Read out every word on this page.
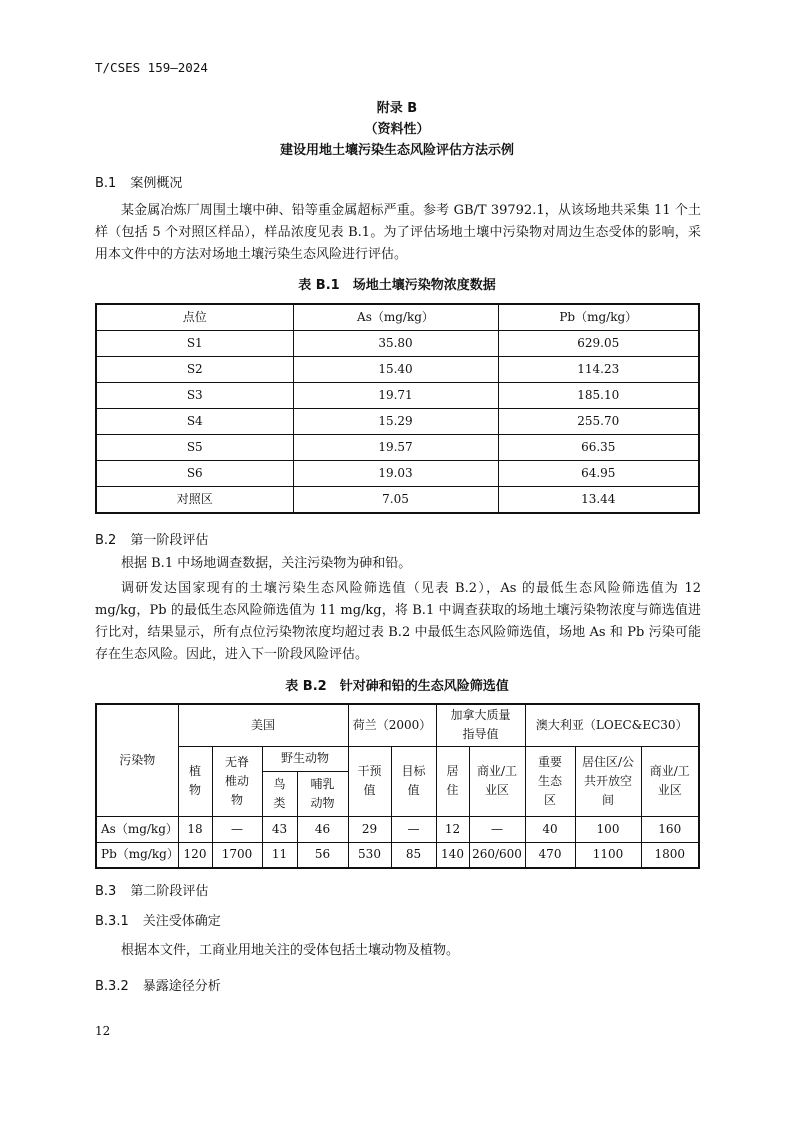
T/CSES 159—2024
附录 B
（资料性）
建设用地土壤污染生态风险评估方法示例
B.1 案例概况
某金属冶炼厂周围土壤中砷、铅等重金属超标严重。参考 GB/T 39792.1，从该场地共采集 11 个土样（包括 5 个对照区样品），样品浓度见表 B.1。为了评估场地土壤中污染物对周边生态受体的影响，采用本文件中的方法对场地土壤污染生态风险进行评估。
表 B.1　场地土壤污染物浓度数据
点位	As（mg/kg）	Pb（mg/kg）
S1	35.80	629.05
S2	15.40	114.23
S3	19.71	185.10
S4	15.29	255.70
S5	19.57	66.35
S6	19.03	64.95
对照区	7.05	13.44
B.2 第一阶段评估
根据 B.1 中场地调查数据，关注污染物为砷和铅。
调研发达国家现有的土壤污染生态风险筛选值（见表 B.2），As 的最低生态风险筛选值为 12 mg/kg，Pb 的最低生态风险筛选值为 11 mg/kg，将 B.1 中调查获取的场地土壤污染物浓度与筛选值进行比对，结果显示，所有点位污染物浓度均超过表 B.2 中最低生态风险筛选值，场地 As 和 Pb 污染可能存在生态风险。因此，进入下一阶段风险评估。
表 B.2　针对砷和铅的生态风险筛选值
污染物	美国				荷兰（2000）		加拿大质量指导值		澳大利亚（LOEC&EC30）		
	植物	无脊椎动物	野生动物		干预值	目标值	居住	商业/工业区	重要生态区	居住区/公共开放空间	商业/工业区
			鸟类	哺乳动物							
As（mg/kg）	18	—	43	46	29	—	12	—	40	100	160
Pb（mg/kg）	120	1700	11	56	530	85	140	260/600	470	1100	1800
B.3 第二阶段评估
B.3.1 关注受体确定
根据本文件，工商业用地关注的受体包括土壤动物及植物。
B.3.2 暴露途径分析
12
